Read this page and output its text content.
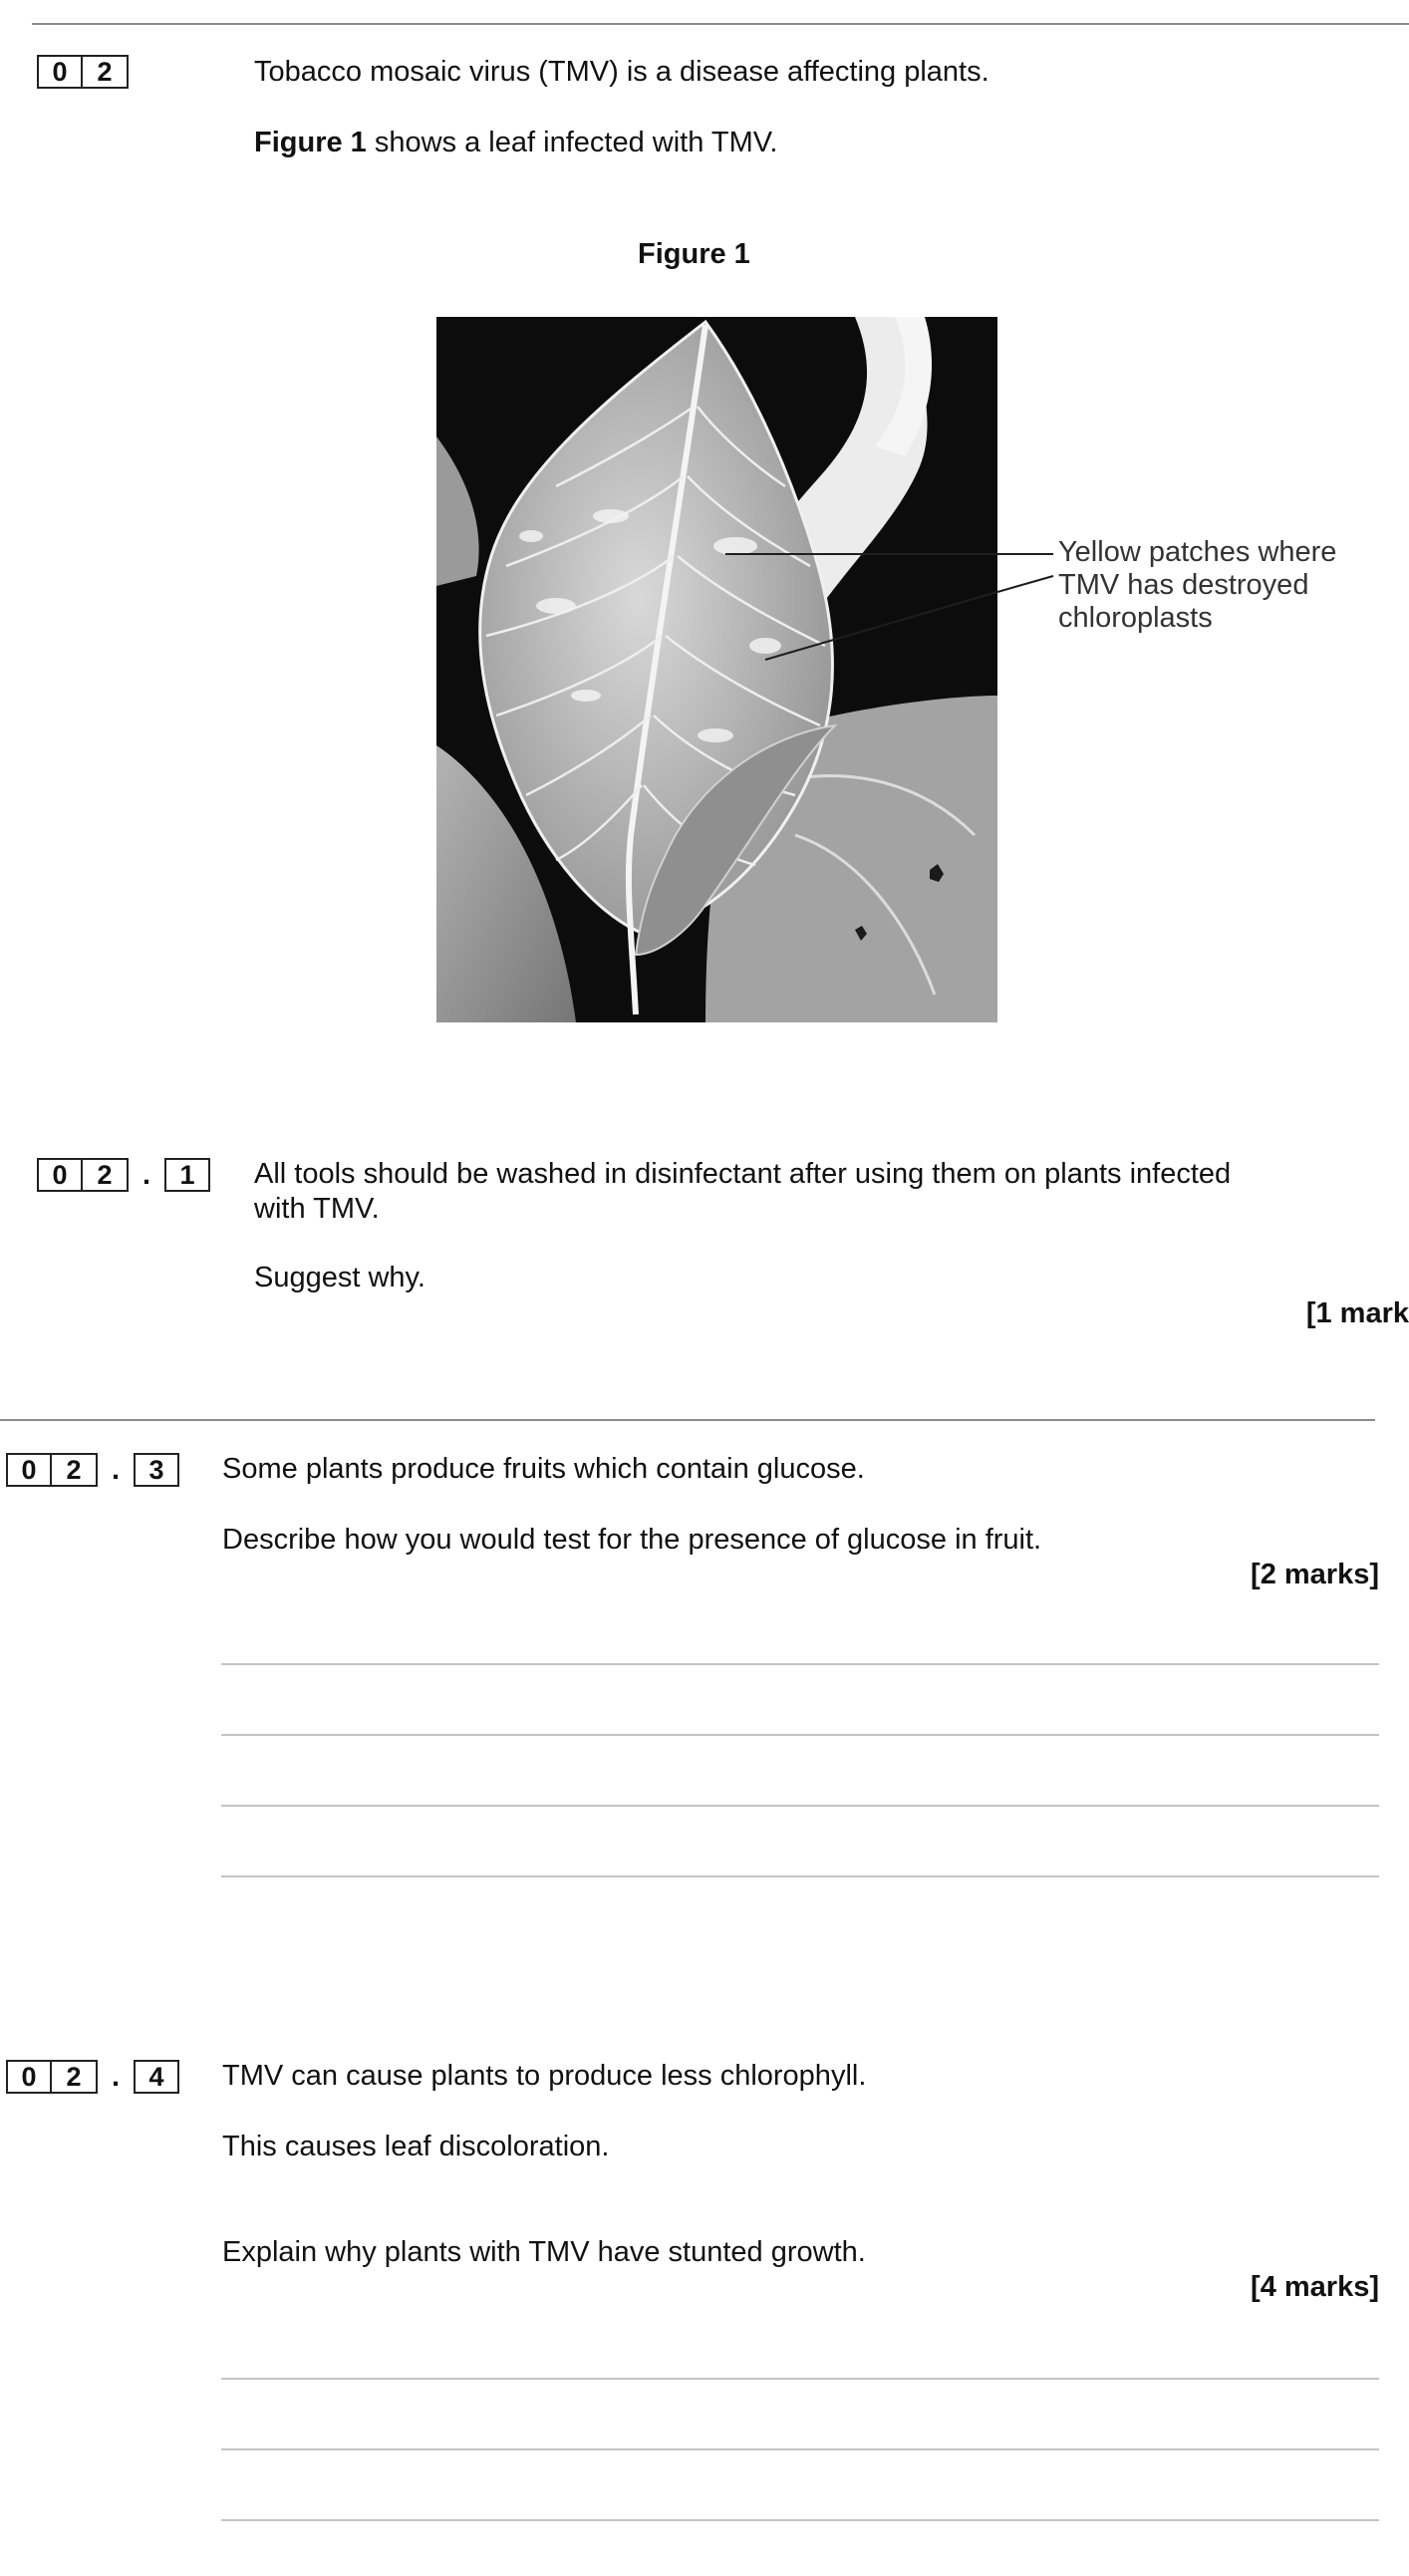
0	2	Tobacco mosaic virus (TMV) is a disease affecting plants.
Figure 1 shows a leaf infected with TMV.
Figure 1
Yellow patches where
TMV has destroyed
chloroplasts
0	2	.	1	All tools should be washed in disinfectant after using them on plants infected
with TMV.
Suggest why.
[1 mark
0	2	.	3	Some plants produce fruits which contain glucose.
Describe how you would test for the presence of glucose in fruit.
[2 marks]
0	2	.	4	TMV can cause plants to produce less chlorophyll.
This causes leaf discoloration.
Explain why plants with TMV have stunted growth.
[4 marks]
